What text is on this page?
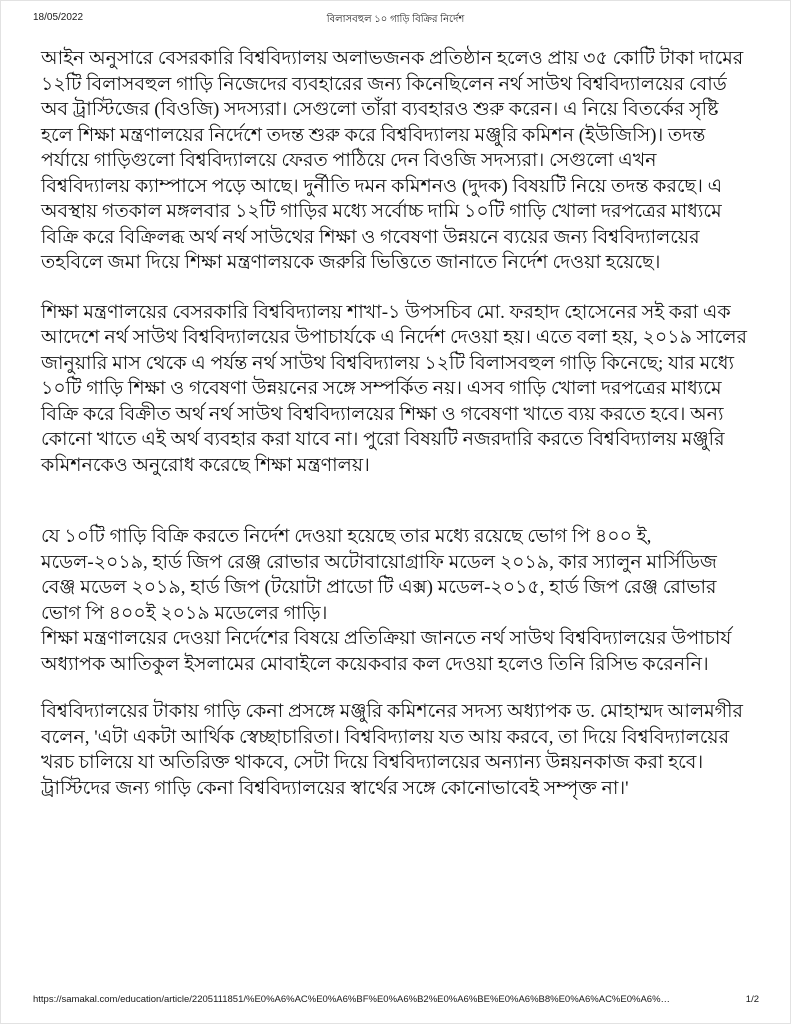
18/05/2022	বিলাসবহুল ১০ গাড়ি বিক্রির নির্দেশ

আইন অনুসারে বেসরকারি বিশ্ববিদ্যালয় অলাভজনক প্রতিষ্ঠান হলেও প্রায় ৩৫ কোটি টাকা দামের ১২টি বিলাসবহুল গাড়ি নিজেদের ব্যবহারের জন্য কিনেছিলেন নর্থ সাউথ বিশ্ববিদ্যালয়ের বোর্ড অব ট্রাস্টিজের (বিওজি) সদস্যরা। সেগুলো তাঁরা ব্যবহারও শুরু করেন। এ নিয়ে বিতর্কের সৃষ্টি হলে শিক্ষা মন্ত্রণালয়ের নির্দেশে তদন্ত শুরু করে বিশ্ববিদ্যালয় মঞ্জুরি কমিশন (ইউজিসি)। তদন্ত পর্যায়ে গাড়িগুলো বিশ্ববিদ্যালয়ে ফেরত পাঠিয়ে দেন বিওজি সদস্যরা। সেগুলো এখন বিশ্ববিদ্যালয় ক্যাম্পাসে পড়ে আছে। দুর্নীতি দমন কমিশনও (দুদক) বিষয়টি নিয়ে তদন্ত করছে। এ অবস্থায় গতকাল মঙ্গলবার ১২টি গাড়ির মধ্যে সর্বোচ্চ দামি ১০টি গাড়ি খোলা দরপত্রের মাধ্যমে বিক্রি করে বিক্রিলব্ধ অর্থ নর্থ সাউথের শিক্ষা ও গবেষণা উন্নয়নে ব্যয়ের জন্য বিশ্ববিদ্যালয়ের তহবিলে জমা দিয়ে শিক্ষা মন্ত্রণালয়কে জরুরি ভিত্তিতে জানাতে নির্দেশ দেওয়া হয়েছে।

শিক্ষা মন্ত্রণালয়ের বেসরকারি বিশ্ববিদ্যালয় শাখা-১ উপসচিব মো. ফরহাদ হোসেনের সই করা এক আদেশে নর্থ সাউথ বিশ্ববিদ্যালয়ের উপাচার্যকে এ নির্দেশ দেওয়া হয়। এতে বলা হয়, ২০১৯ সালের জানুয়ারি মাস থেকে এ পর্যন্ত নর্থ সাউথ বিশ্ববিদ্যালয় ১২টি বিলাসবহুল গাড়ি কিনেছে; যার মধ্যে ১০টি গাড়ি শিক্ষা ও গবেষণা উন্নয়নের সঙ্গে সম্পর্কিত নয়। এসব গাড়ি খোলা দরপত্রের মাধ্যমে বিক্রি করে বিক্রীত অর্থ নর্থ সাউথ বিশ্ববিদ্যালয়ের শিক্ষা ও গবেষণা খাতে ব্যয় করতে হবে। অন্য কোনো খাতে এই অর্থ ব্যবহার করা যাবে না। পুরো বিষয়টি নজরদারি করতে বিশ্ববিদ্যালয় মঞ্জুরি কমিশনকেও অনুরোধ করেছে শিক্ষা মন্ত্রণালয়।

যে ১০টি গাড়ি বিক্রি করতে নির্দেশ দেওয়া হয়েছে তার মধ্যে রয়েছে ভোগ পি ৪০০ ই, মডেল-২০১৯, হার্ড জিপ রেঞ্জ রোভার অটোবায়োগ্রাফি মডেল ২০১৯, কার স্যালুন মার্সিডিজ বেঞ্জ মডেল ২০১৯, হার্ড জিপ (টয়োটা প্রাডো টি এক্স) মডেল-২০১৫, হার্ড জিপ রেঞ্জ রোভার ভোগ পি ৪০০ই ২০১৯ মডেলের গাড়ি।

শিক্ষা মন্ত্রণালয়ের দেওয়া নির্দেশের বিষয়ে প্রতিক্রিয়া জানতে নর্থ সাউথ বিশ্ববিদ্যালয়ের উপাচার্য অধ্যাপক আতিকুল ইসলামের মোবাইলে কয়েকবার কল দেওয়া হলেও তিনি রিসিভ করেননি।

বিশ্ববিদ্যালয়ের টাকায় গাড়ি কেনা প্রসঙ্গে মঞ্জুরি কমিশনের সদস্য অধ্যাপক ড. মোহাম্মদ আলমগীর বলেন, 'এটা একটা আর্থিক স্বেচ্ছাচারিতা। বিশ্ববিদ্যালয় যত আয় করবে, তা দিয়ে বিশ্ববিদ্যালয়ের খরচ চালিয়ে যা অতিরিক্ত থাকবে, সেটা দিয়ে বিশ্ববিদ্যালয়ের অন্যান্য উন্নয়নকাজ করা হবে। ট্রাস্টিদের জন্য গাড়ি কেনা বিশ্ববিদ্যালয়ের স্বার্থের সঙ্গে কোনোভাবেই সম্পৃক্ত না।'

https://samakal.com/education/article/2205111851/%E0%A6%AC%E0%A6%BF%E0%A6%B2%E0%A6%BE%E0%A6%B8%E0%A6%AC%E0%A6%…	1/2
